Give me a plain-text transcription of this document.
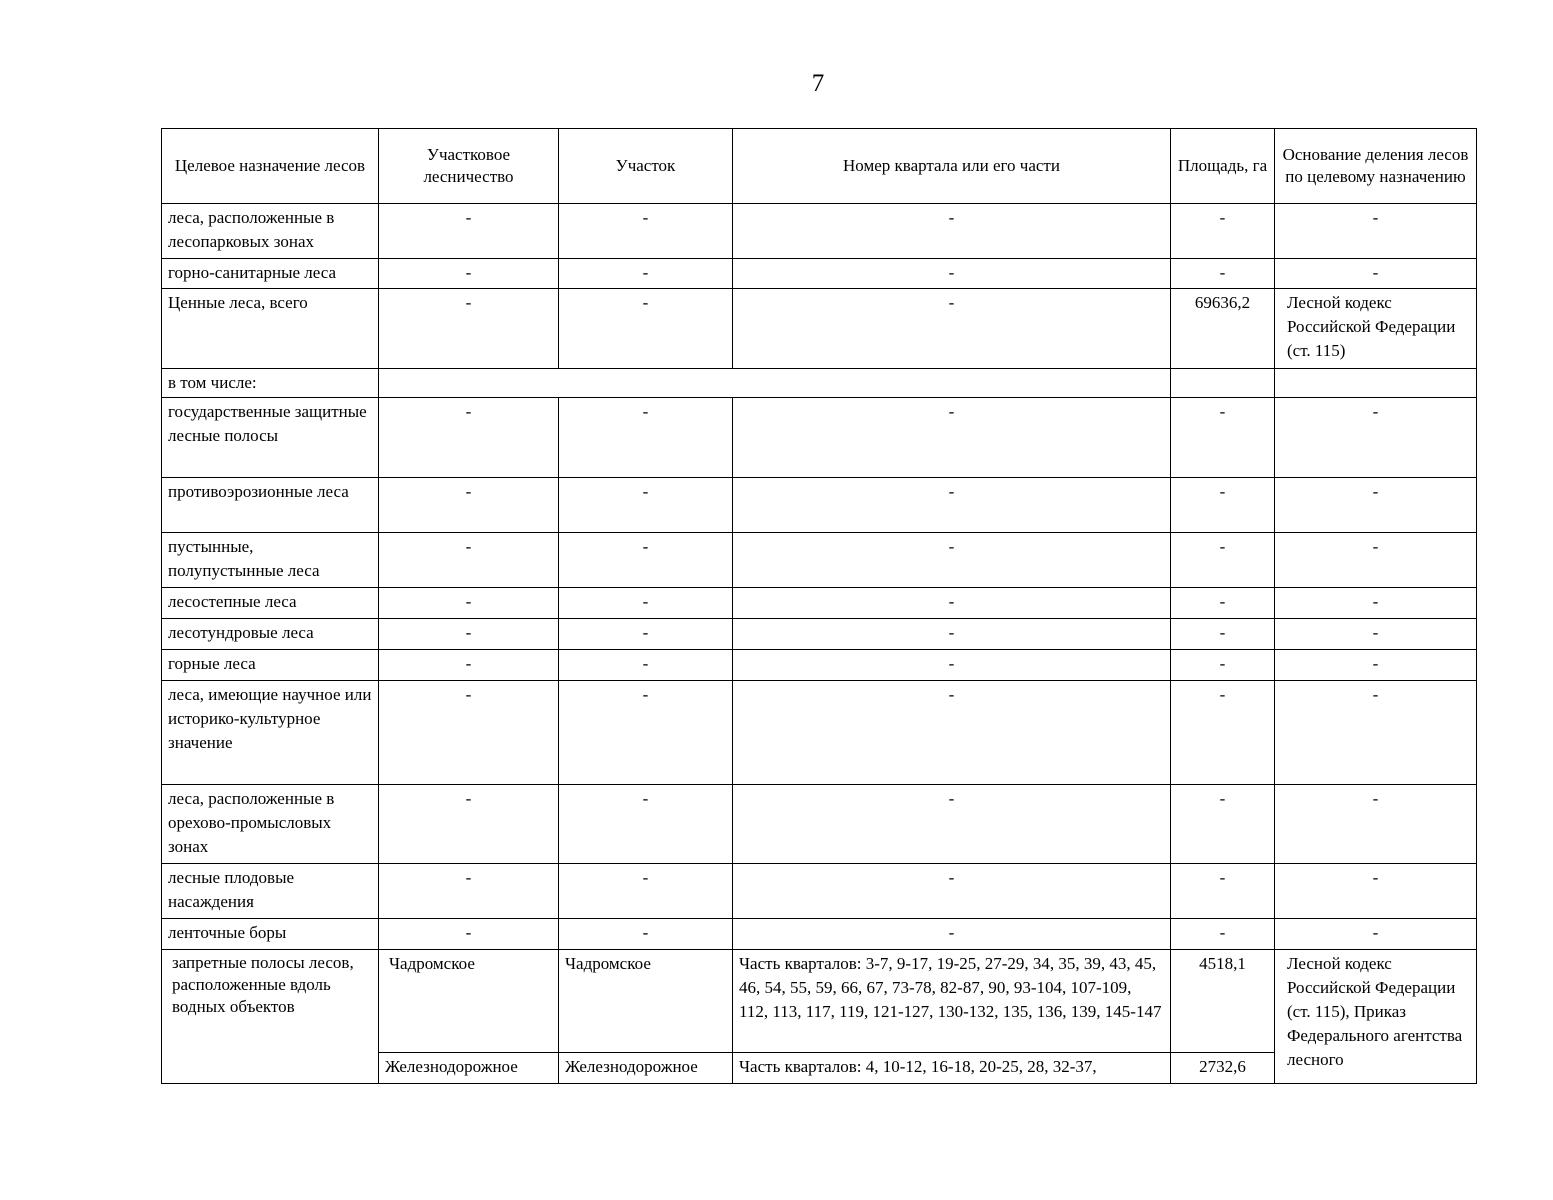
7
Целевое назначение лесов	Участковое лесничество	Участок	Номер квартала или его части	Площадь, га	Основание деления лесов по целевому назначению
леса, расположенные в лесопарковых зонах	-	-	-	-	-
горно-санитарные леса	-	-	-	-	-
Ценные леса, всего	-	-	-	69636,2	Лесной кодекс Российской Федерации (ст. 115)
в том числе:					
государственные защитные лесные полосы	-	-	-	-	-
противоэрозионные леса	-	-	-	-	-
пустынные, полупустынные леса	-	-	-	-	-
лесостепные леса	-	-	-	-	-
лесотундровые леса	-	-	-	-	-
горные леса	-	-	-	-	-
леса, имеющие научное или историко-культурное значение	-	-	-	-	-
леса, расположенные в орехово-промысловых зонах	-	-	-	-	-
лесные плодовые насаждения	-	-	-	-	-
ленточные боры	-	-	-	-	-
запретные полосы лесов, расположенные вдоль водных объектов	Чадромское	Чадромское	Часть кварталов: 3-7, 9-17, 19-25, 27-29, 34, 35, 39, 43, 45, 46, 54, 55, 59, 66, 67, 73-78, 82-87, 90, 93-104, 107-109, 112, 113, 117, 119, 121-127, 130-132, 135, 136, 139, 145-147	4518,1	Лесной кодекс Российской Федерации (ст. 115), Приказ Федерального агентства лесного
	Железнодорожное	Железнодорожное	Часть кварталов: 4, 10-12, 16-18, 20-25, 28, 32-37,	2732,6	
